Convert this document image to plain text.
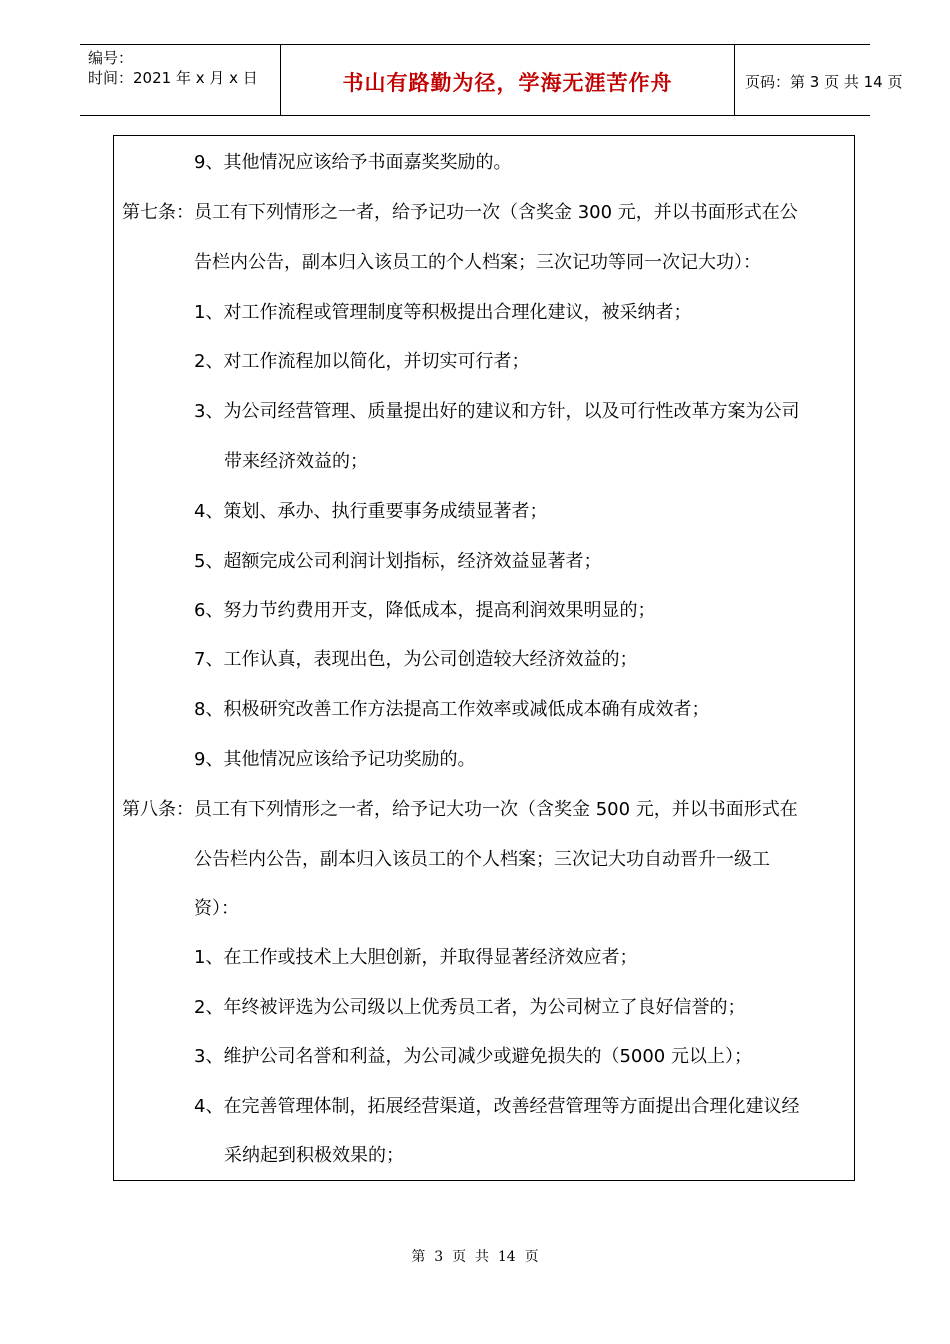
编号：
时间：2021 年 x 月 x 日	书山有路勤为径，学海无涯苦作舟	页码：第 3 页 共 14 页
9、其他情况应该给予书面嘉奖奖励的。
第七条：员工有下列情形之一者，给予记功一次（含奖金 300 元，并以书面形式在公
告栏内公告，副本归入该员工的个人档案；三次记功等同一次记大功）：
1、对工作流程或管理制度等积极提出合理化建议，被采纳者；
2、对工作流程加以简化，并切实可行者；
3、为公司经营管理、质量提出好的建议和方针，以及可行性改革方案为公司
带来经济效益的；
4、策划、承办、执行重要事务成绩显著者；
5、超额完成公司利润计划指标，经济效益显著者；
6、努力节约费用开支，降低成本，提高利润效果明显的；
7、工作认真，表现出色，为公司创造较大经济效益的；
8、积极研究改善工作方法提高工作效率或减低成本确有成效者；
9、其他情况应该给予记功奖励的。
第八条：员工有下列情形之一者，给予记大功一次（含奖金 500 元，并以书面形式在
公告栏内公告，副本归入该员工的个人档案；三次记大功自动晋升一级工
资）：
1、在工作或技术上大胆创新，并取得显著经济效应者；
2、年终被评选为公司级以上优秀员工者，为公司树立了良好信誉的；
3、维护公司名誉和利益，为公司减少或避免损失的（5000 元以上）；
4、在完善管理体制，拓展经营渠道，改善经营管理等方面提出合理化建议经
采纳起到积极效果的；
第  3  页  共  14  页
